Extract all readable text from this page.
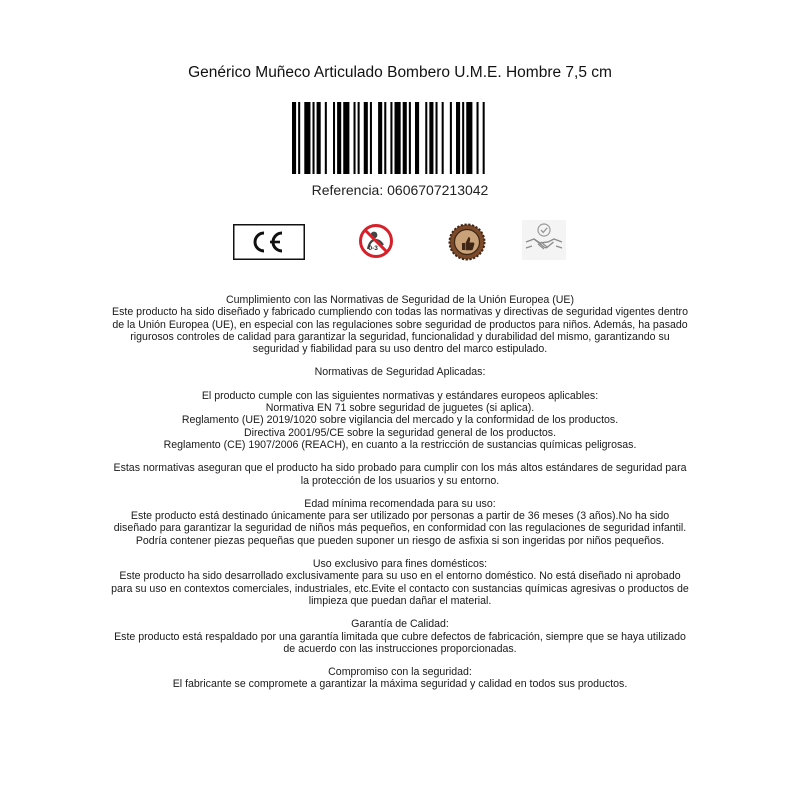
Genérico Muñeco Articulado Bombero U.M.E. Hombre 7,5 cm
Referencia: 0606707213042
CE
0-3

Cumplimiento con las Normativas de Seguridad de la Unión Europea (UE)

Este producto ha sido diseñado y fabricado cumpliendo con todas las normativas y directivas de seguridad vigentes dentro de la Unión Europea (UE), en especial con las regulaciones sobre seguridad de productos para niños. Además, ha pasado rigurosos controles de calidad para garantizar la seguridad, funcionalidad y durabilidad del mismo, garantizando su seguridad y fiabilidad para su uso dentro del marco estipulado.

Normativas de Seguridad Aplicadas:

El producto cumple con las siguientes normativas y estándares europeos aplicables:

Normativa EN 71 sobre seguridad de juguetes (si aplica).

Reglamento (UE) 2019/1020 sobre vigilancia del mercado y la conformidad de los productos.

Directiva 2001/95/CE sobre la seguridad general de los productos.

Reglamento (CE) 1907/2006 (REACH), en cuanto a la restricción de sustancias químicas peligrosas.

Estas normativas aseguran que el producto ha sido probado para cumplir con los más altos estándares de seguridad para la protección de los usuarios y su entorno.

Edad mínima recomendada para su uso:

Este producto está destinado únicamente para ser utilizado por personas a partir de 36 meses (3 años).No ha sido diseñado para garantizar la seguridad de niños más pequeños, en conformidad con las regulaciones de seguridad infantil. Podría contener piezas pequeñas que pueden suponer un riesgo de asfixia si son ingeridas por niños pequeños.

Uso exclusivo para fines domésticos:

Este producto ha sido desarrollado exclusivamente para su uso en el entorno doméstico. No está diseñado ni aprobado para su uso en contextos comerciales, industriales, etc.Evite el contacto con sustancias químicas agresivas o productos de limpieza que puedan dañar el material.

Garantía de Calidad:

Este producto está respaldado por una garantía limitada que cubre defectos de fabricación, siempre que se haya utilizado de acuerdo con las instrucciones proporcionadas.

Compromiso con la seguridad:

El fabricante se compromete a garantizar la máxima seguridad y calidad en todos sus productos.
